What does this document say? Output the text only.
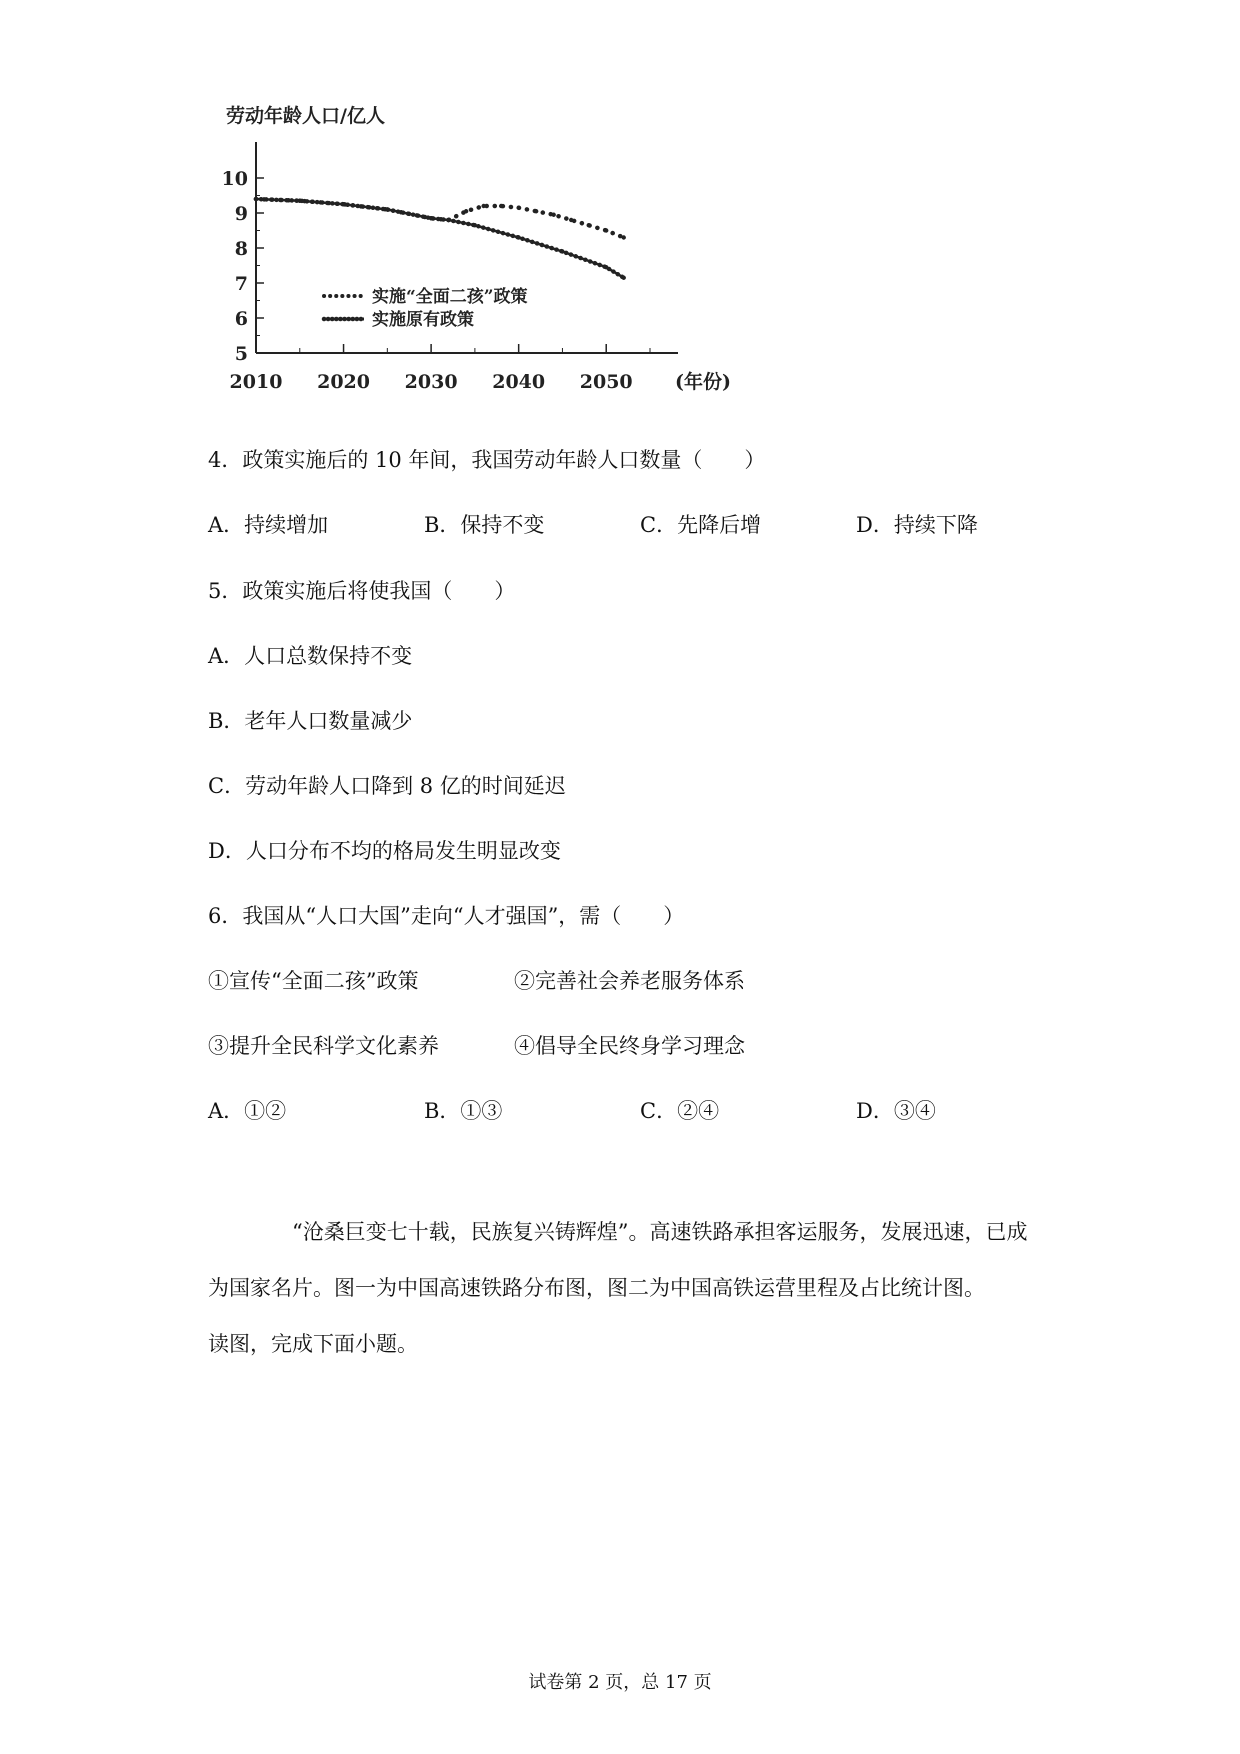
劳动年龄人口/亿人
5
6
7
8
9
10
2010 2020 2030 2040 2050 (年份)
实施“全面二孩”政策
实施原有政策
4．政策实施后的 10 年间，我国劳动年龄人口数量（　　）
A．持续增加	B．保持不变	C．先降后增	D．持续下降
5．政策实施后将使我国（　　）
A．人口总数保持不变
B．老年人口数量减少
C．劳动年龄人口降到 8 亿的时间延迟
D．人口分布不均的格局发生明显改变
6．我国从“人口大国”走向“人才强国”，需（　　）
①宣传“全面二孩”政策	②完善社会养老服务体系
③提升全民科学文化素养	④倡导全民终身学习理念
A．①②	B．①③	C．②④	D．③④

“沧桑巨变七十载，民族复兴铸辉煌”。高速铁路承担客运服务，发展迅速，已成为国家名片。图一为中国高速铁路分布图，图二为中国高铁运营里程及占比统计图。

读图，完成下面小题。

试卷第 2 页，总 17 页
